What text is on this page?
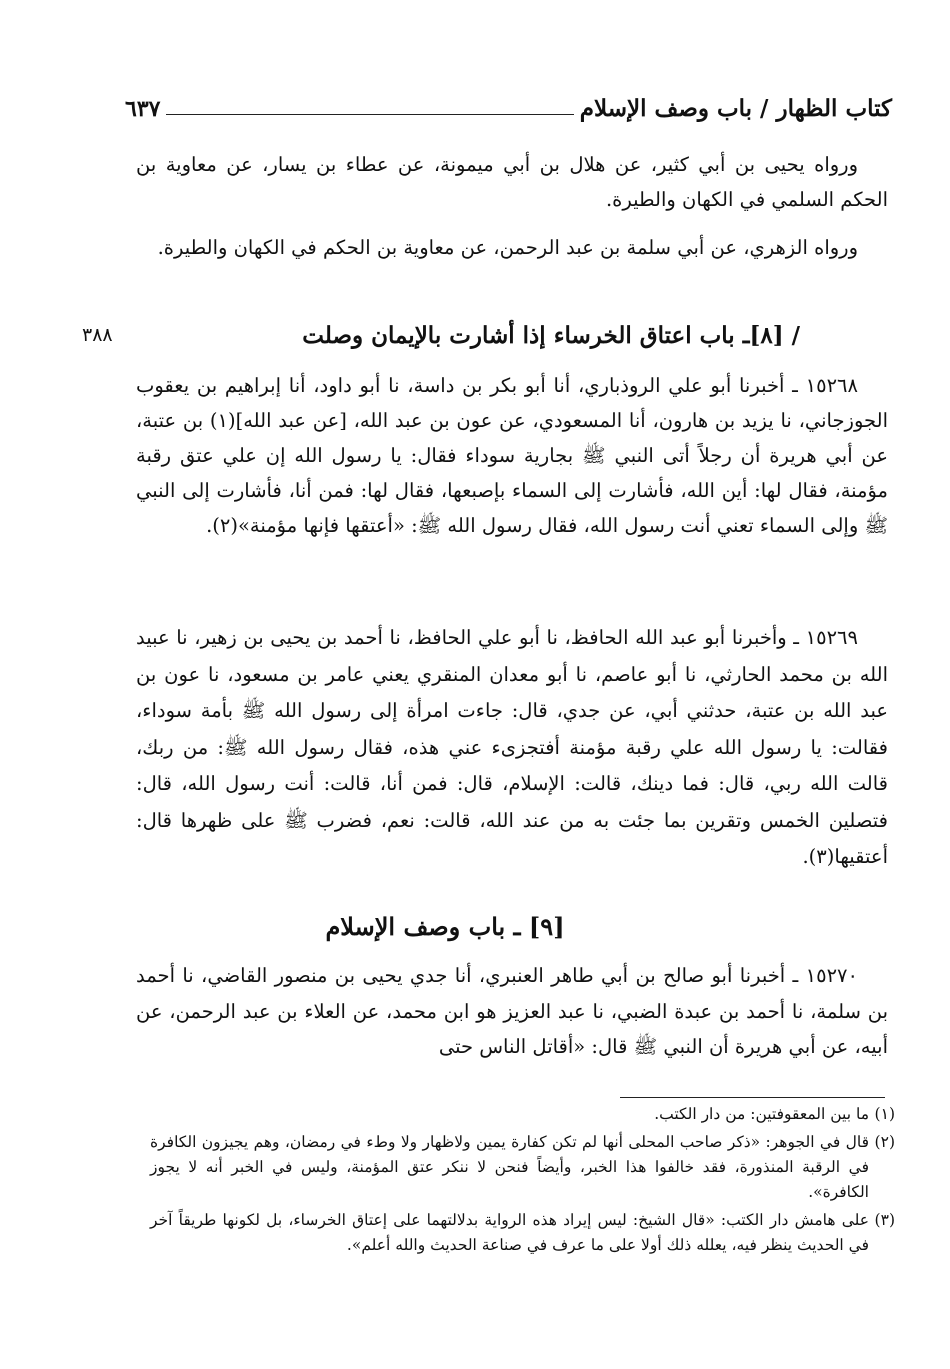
كتاب الظهار / باب وصف الإسلام
٦٣٧

ورواه يحيى بن أبي كثير، عن هلال بن أبي ميمونة، عن عطاء بن يسار، عن معاوية بن الحكم السلمي في الكهان والطيرة.

ورواه الزهري، عن أبي سلمة بن عبد الرحمن، عن معاوية بن الحكم في الكهان والطيرة.

/ [٨]ـ باب اعتاق الخرساء إذا أشارت بالإيمان وصلت
٣٨٨

١٥٢٦٨ ـ أخبرنا أبو علي الروذباري، أنا أبو بكر بن داسة، نا أبو داود، أنا إبراهيم بن يعقوب الجوزجاني، نا يزيد بن هارون، أنا المسعودي، عن عون بن عبد الله، [عن عبد الله](١) بن عتبة، عن أبي هريرة أن رجلاً أتى النبي ﷺ بجارية سوداء فقال: يا رسول الله إن علي عتق رقبة مؤمنة، فقال لها: أين الله، فأشارت إلى السماء بإصبعها، فقال لها: فمن أنا، فأشارت إلى النبي ﷺ وإلى السماء تعني أنت رسول الله، فقال رسول الله ﷺ: «أعتقها فإنها مؤمنة»(٢).

١٥٢٦٩ ـ وأخبرنا أبو عبد الله الحافظ، نا أبو علي الحافظ، نا أحمد بن يحيى بن زهير، نا عبيد الله بن محمد الحارثي، نا أبو عاصم، نا أبو معدان المنقري يعني عامر بن مسعود، نا عون بن عبد الله بن عتبة، حدثني أبي، عن جدي، قال: جاءت امرأة إلى رسول الله ﷺ بأمة سوداء، فقالت: يا رسول الله علي رقبة مؤمنة أفتجزىء عني هذه، فقال رسول الله ﷺ: من ربك، قالت الله ربي، قال: فما دينك، قالت: الإسلام، قال: فمن أنا، قالت: أنت رسول الله، قال: فتصلين الخمس وتقرين بما جئت به من عند الله، قالت: نعم، فضرب ﷺ على ظهرها قال: أعتقيها(٣).

[٩] ـ باب وصف الإسلام

١٥٢٧٠ ـ أخبرنا أبو صالح بن أبي طاهر العنبري، أنا جدي يحيى بن منصور القاضي، نا أحمد بن سلمة، نا أحمد بن عبدة الضبي، نا عبد العزيز هو ابن محمد، عن العلاء بن عبد الرحمن، عن أبيه، عن أبي هريرة أن النبي ﷺ قال: «أقاتل الناس حتى

(١)ما بين المعقوفتين: من دار الكتب.

(٢)قال في الجوهر: «ذكر صاحب المحلى أنها لم تكن كفارة يمين ولاظهار ولا وطء في رمضان، وهم يجيزون الكافرة في الرقبة المنذورة، فقد خالفوا هذا الخبر، وأيضاً فنحن لا ننكر عتق المؤمنة، وليس في الخبر أنه لا يجوز الكافرة».

(٣)على هامش دار الكتب: «قال الشيخ: ليس إيراد هذه الرواية بدلالتهما على إعتاق الخرساء، بل لكونها طريقاً آخر في الحديث ينظر فيه، يعلله ذلك أولا على ما عرف في صناعة الحديث والله أعلم».
